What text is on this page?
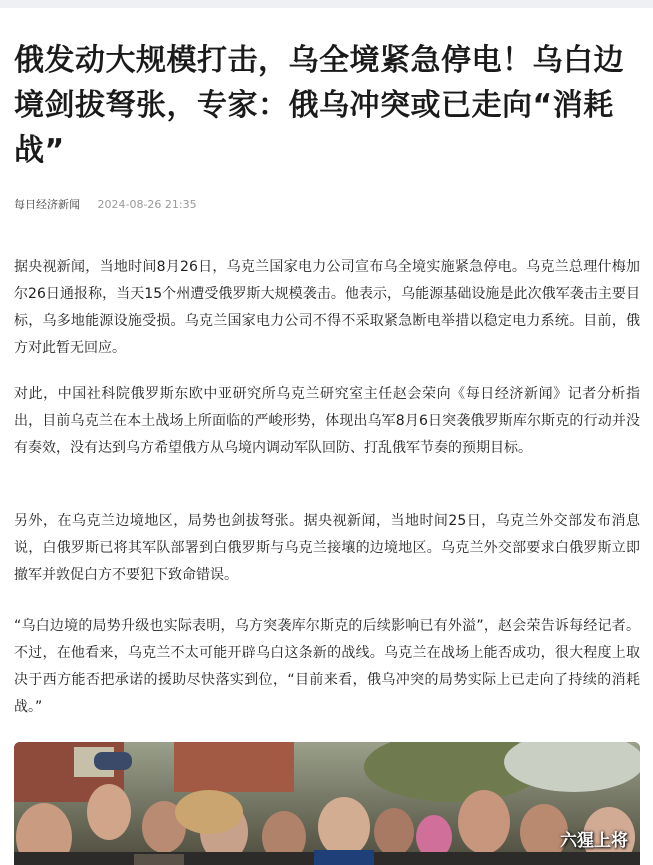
俄发动大规模打击，乌全境紧急停电！乌白边境剑拔弩张，专家：俄乌冲突或已走向“消耗战”
每日经济新闻 2024-08-26 21:35

据央视新闻，当地时间8月26日，乌克兰国家电力公司宣布乌全境实施紧急停电。乌克兰总理什梅加尔26日通报称，当天15个州遭受俄罗斯大规模袭击。他表示，乌能源基础设施是此次俄军袭击主要目标，乌多地能源设施受损。乌克兰国家电力公司不得不采取紧急断电举措以稳定电力系统。目前，俄方对此暂无回应。

对此，中国社科院俄罗斯东欧中亚研究所乌克兰研究室主任赵会荣向《每日经济新闻》记者分析指出，目前乌克兰在本土战场上所面临的严峻形势，体现出乌军8月6日突袭俄罗斯库尔斯克的行动并没有奏效，没有达到乌方希望俄方从乌境内调动军队回防、打乱俄军节奏的预期目标。

另外，在乌克兰边境地区，局势也剑拔弩张。据央视新闻，当地时间25日，乌克兰外交部发布消息说，白俄罗斯已将其军队部署到白俄罗斯与乌克兰接壤的边境地区。乌克兰外交部要求白俄罗斯立即撤军并敦促白方不要犯下致命错误。

“乌白边境的局势升级也实际表明，乌方突袭库尔斯克的后续影响已有外溢”，赵会荣告诉每经记者。不过，在他看来，乌克兰不太可能开辟乌白这条新的战线。乌克兰在战场上能否成功，很大程度上取决于西方能否把承诺的援助尽快落实到位，“目前来看，俄乌冲突的局势实际上已走向了持续的消耗战。”

六猩上将
